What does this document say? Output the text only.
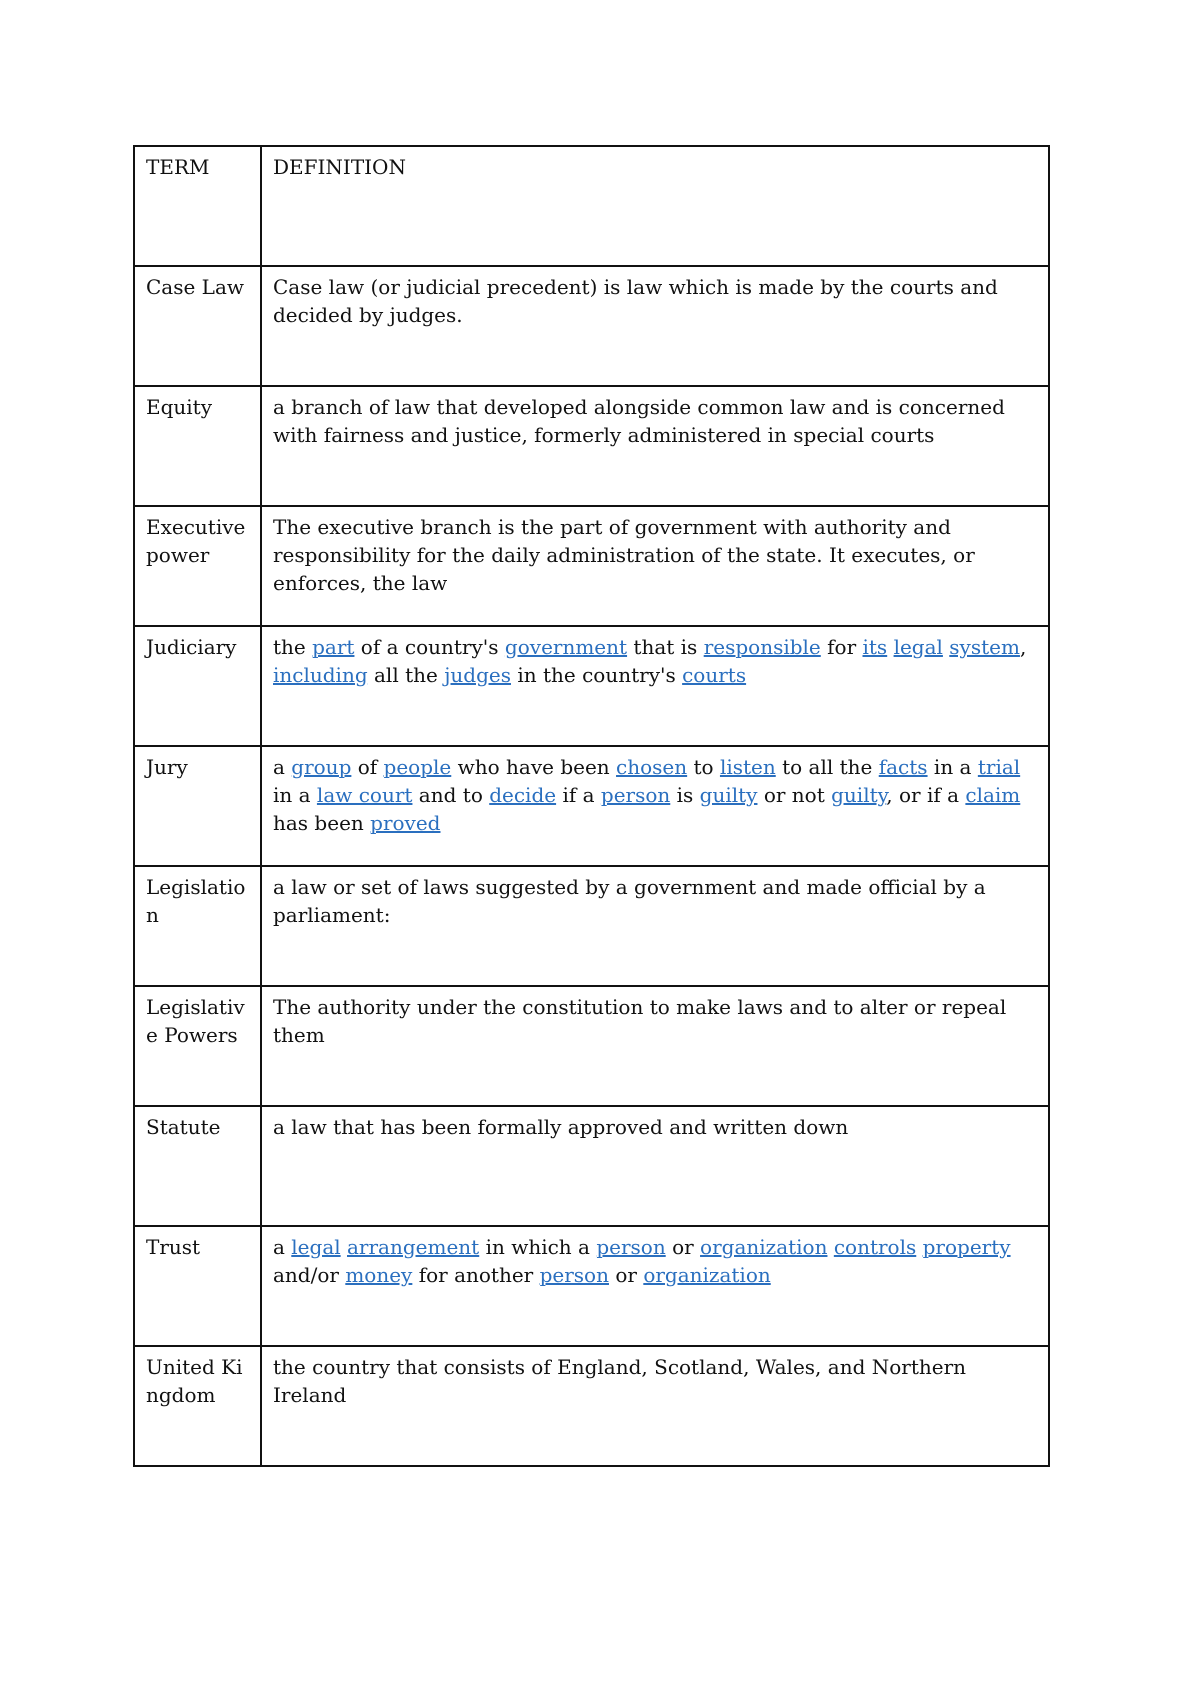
TERM	DEFINITION
Case Law	Case law (or judicial precedent) is law which is made by the courts and decided by judges.
Equity	a branch of law that developed alongside common law and is concerned with fairness and justice, formerly administered in special courts
Executive power	The executive branch is the part of government with authority and responsibility for the daily administration of the state. It executes, or enforces, the law
Judiciary	the part of a country's government that is responsible for its legal system, including all the judges in the country's courts
Jury	a group of people who have been chosen to listen to all the facts in a trial in a law court and to decide if a person is guilty or not guilty, or if a claim has been proved
Legislation	a law or set of laws suggested by a government and made official by a parliament:
Legislative Powers	The authority under the constitution to make laws and to alter or repeal them
Statute	a law that has been formally approved and written down
Trust	a legal arrangement in which a person or organization controls property and/or money for another person or organization
United Kingdom	the country that consists of England, Scotland, Wales, and Northern Ireland
